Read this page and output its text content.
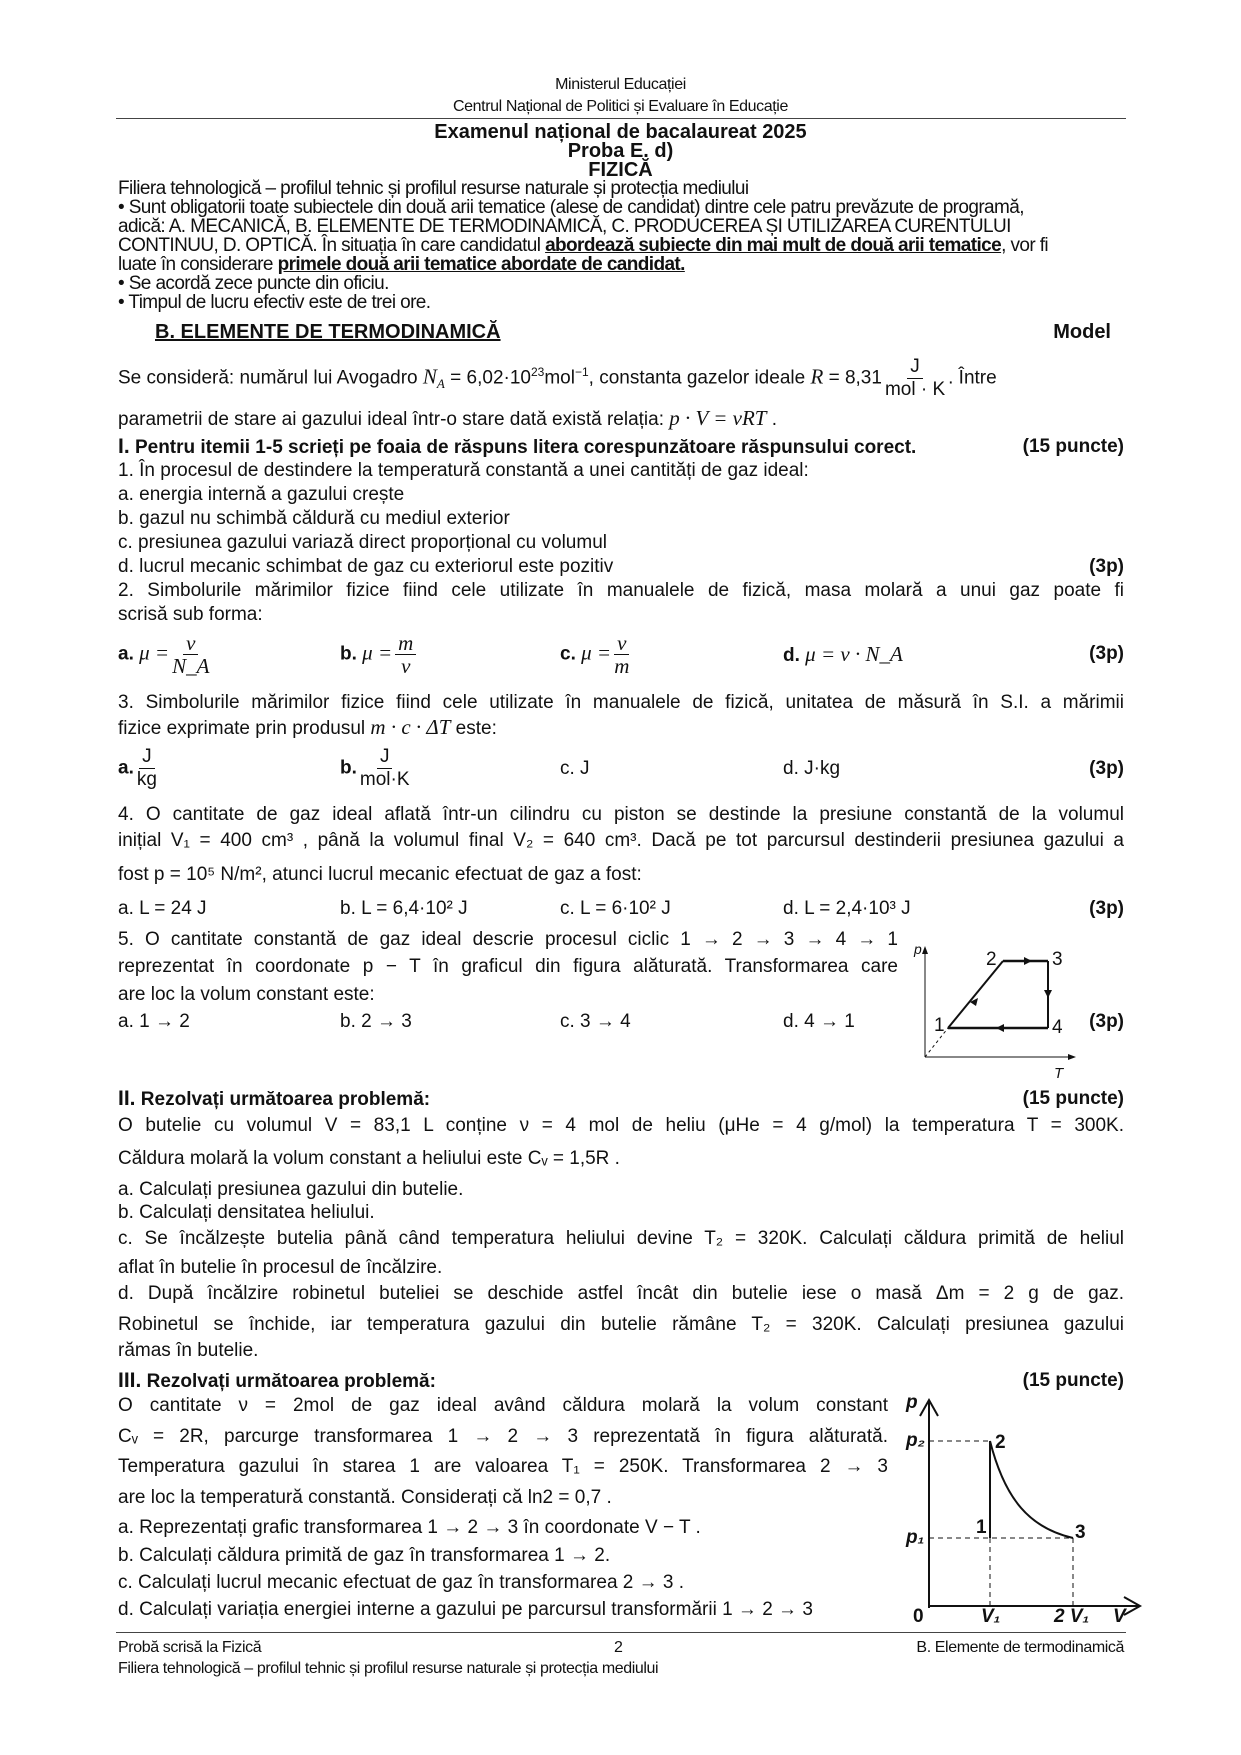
Ministerul Educației
Centrul Național de Politici și Evaluare în Educație
Examenul național de bacalaureat 2025
Proba E. d)
FIZICĂ
Filiera tehnologică – profilul tehnic și profilul resurse naturale și protecția mediului
• Sunt obligatorii toate subiectele din două arii tematice (alese de candidat) dintre cele patru prevăzute de programă,
adică: A. MECANICĂ, B. ELEMENTE DE TERMODINAMICĂ, C. PRODUCEREA ȘI UTILIZAREA CURENTULUI
CONTINUU, D. OPTICĂ. În situația în care candidatul abordează subiecte din mai mult de două arii tematice, vor fi
luate în considerare primele două arii tematice abordate de candidat.
• Se acordă zece puncte din oficiu.
• Timpul de lucru efectiv este de trei ore.
B. ELEMENTE DE TERMODINAMICĂ	Model
Se consideră: numărul lui Avogadro $N_A = 6,02\cdot 10^{23}mol^{-1}$, constanta gazelor ideale $R = 8,31 \frac{J}{\text{mol · K}}$ . Între
parametrii de stare ai gazului ideal într-o stare dată există relația: p · V = νRT .
I. Pentru itemii 1-5 scrieți pe foaia de răspuns litera corespunzătoare răspunsului corect.	(15 puncte)
1. În procesul de destindere la temperatură constantă a unei cantități de gaz ideal:
a. energia internă a gazului crește
b. gazul nu schimbă căldură cu mediul exterior
c. presiunea gazului variază direct proporțional cu volumul
d. lucrul mecanic schimbat de gaz cu exteriorul este pozitiv	(3p)
2. Simbolurile mărimilor fizice fiind cele utilizate în manualele de fizică, masa molară a unui gaz poate fi
scrisă sub forma:
a. $\mu = \frac{\nu}{N\_A}$	b. $\mu = \frac{m}{\nu}$	c. $\mu = \frac{\nu}{m}$	d. μ = ν · N_A	(3p)
3. Simbolurile mărimilor fizice fiind cele utilizate în manualele de fizică, unitatea de măsură în S.I. a mărimii
fizice exprimate prin produsul m · c · ΔT este:
a. $\frac{J}{kg}$	b. $\frac{J}{\text{mol·K}}$	c. J	d. J·kg	(3p)
4. O cantitate de gaz ideal aflată într-un cilindru cu piston se destinde la presiune constantă de la volumul
inițial V₁ = 400 cm³ , până la volumul final V₂ = 640 cm³. Dacă pe tot parcursul destinderii presiunea gazului a
fost p = 10⁵ N/m², atunci lucrul mecanic efectuat de gaz a fost:
a. L = 24 J	b. L = 6,4·10² J	c. L = 6·10² J	d. L = 2,4·10³ J	(3p)
5. O cantitate constantă de gaz ideal descrie procesul ciclic 1 → 2 → 3 → 4 → 1
reprezentat în coordonate p − T în graficul din figura alăturată. Transformarea care
are loc la volum constant este:
a. 1 → 2	b. 2 → 3	c. 3 → 4	d. 4 → 1	(3p)
p
T
1
2	3
4
II. Rezolvați următoarea problemă:	(15 puncte)
O butelie cu volumul V = 83,1 L conține ν = 4 mol de heliu (μHe = 4 g/mol) la temperatura T = 300K.
Căldura molară la volum constant a heliului este Cᵥ = 1,5R .
a. Calculați presiunea gazului din butelie.
b. Calculați densitatea heliului.
c. Se încălzește butelia până când temperatura heliului devine T₂ = 320K. Calculați căldura primită de heliul
aflat în butelie în procesul de încălzire.
d. După încălzire robinetul buteliei se deschide astfel încât din butelie iese o masă Δm = 2 g de gaz.
Robinetul se închide, iar temperatura gazului din butelie rămâne T₂ = 320K. Calculați presiunea gazului
rămas în butelie.
III. Rezolvați următoarea problemă:	(15 puncte)
O cantitate ν = 2mol de gaz ideal având căldura molară la volum constant
Cᵥ = 2R, parcurge transformarea 1 → 2 → 3 reprezentată în figura alăturată.
Temperatura gazului în starea 1 are valoarea T₁ = 250K. Transformarea 2 → 3
are loc la temperatură constantă. Considerați că ln2 = 0,7 .
a. Reprezentați grafic transformarea 1 → 2 → 3 în coordonate V − T .
b. Calculați căldura primită de gaz în transformarea 1 → 2.
c. Calculați lucrul mecanic efectuat de gaz în transformarea 2 → 3 .
d. Calculați variația energiei interne a gazului pe parcursul transformării 1 → 2 → 3
p
p₂
p₁
0	V₁	2 V₁ V
1
2
3
Probă scrisă la Fizică	2	B. Elemente de termodinamică
Filiera tehnologică – profilul tehnic și profilul resurse naturale și protecția mediului
